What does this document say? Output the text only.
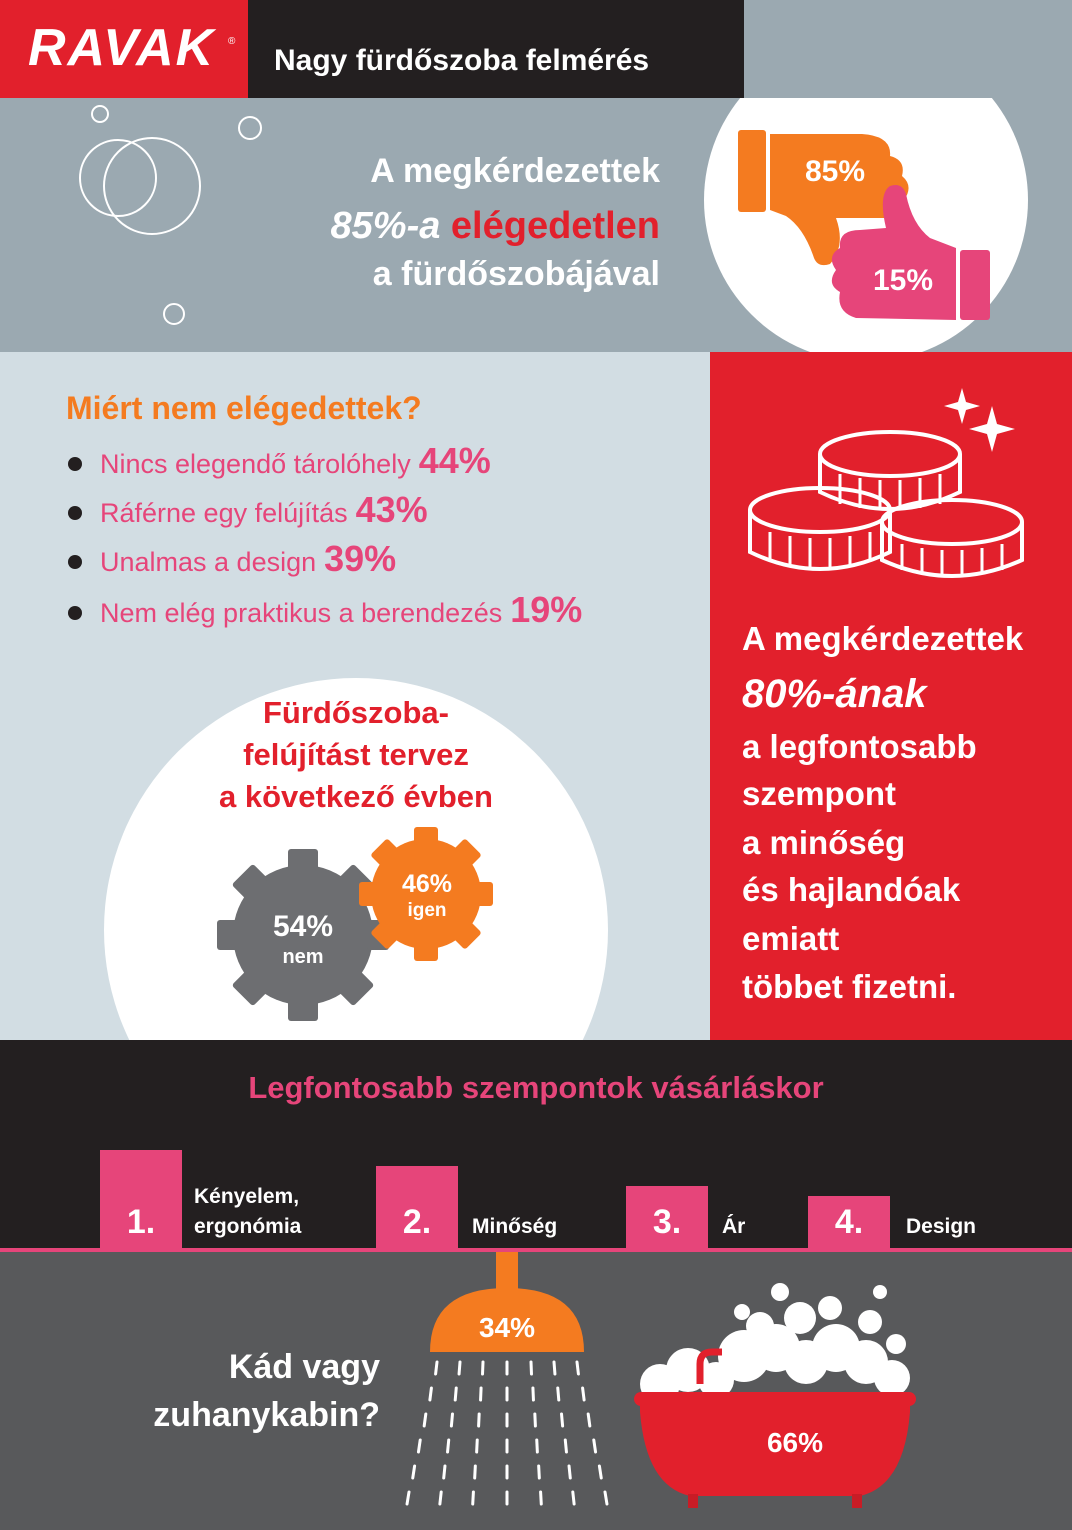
RAVAK ®
Nagy fürdőszoba felmérés
85%
15%
A megkérdezettek
85%-a elégedetlen
a fürdőszobájával
Miért nem elégedettek?
Nincs elegendő tárolóhely 44%
Ráférne egy felújítás 43%
Unalmas a design 39%
Nem elég praktikus a berendezés 19%
Fürdőszoba-
felújítást tervez
a következő évben
54%
nem
46%
igen
A megkérdezettek
80%-ának
a legfontosabb
szempont
a minőség
és hajlandóak
emiatt
többet fizetni.
Legfontosabb szempontok vásárláskor
1.
Kényelem,
ergonómia	2.	Minőség	3.	Ár	4.	Design
Kád vagy
zuhanykabin?
34%
66%
